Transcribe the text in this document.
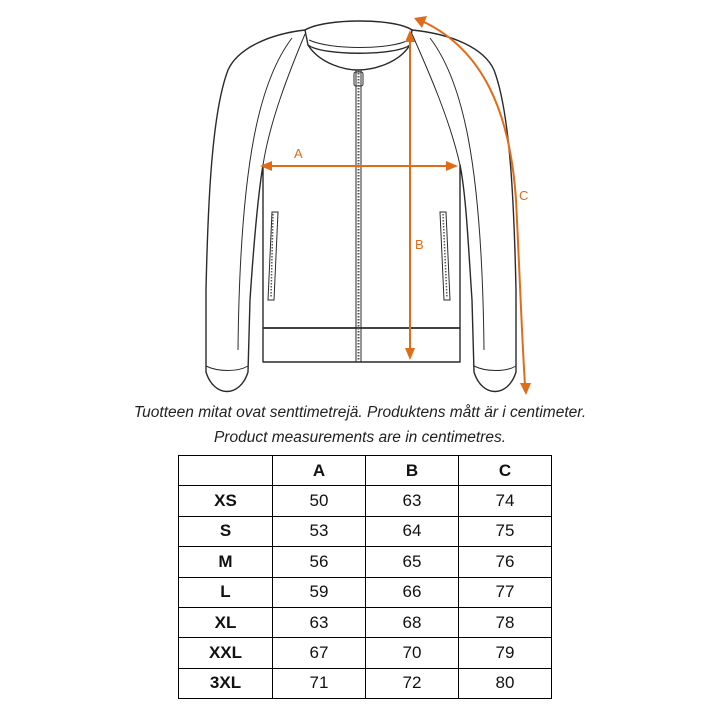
A
B
C
Tuotteen mitat ovat senttimetrejä. Produktens mått är i centimeter.
Product measurements are in centimetres.
	A	B	C
XS	50	63	74
S	53	64	75
M	56	65	76
L	59	66	77
XL	63	68	78
XXL	67	70	79
3XL	71	72	80
